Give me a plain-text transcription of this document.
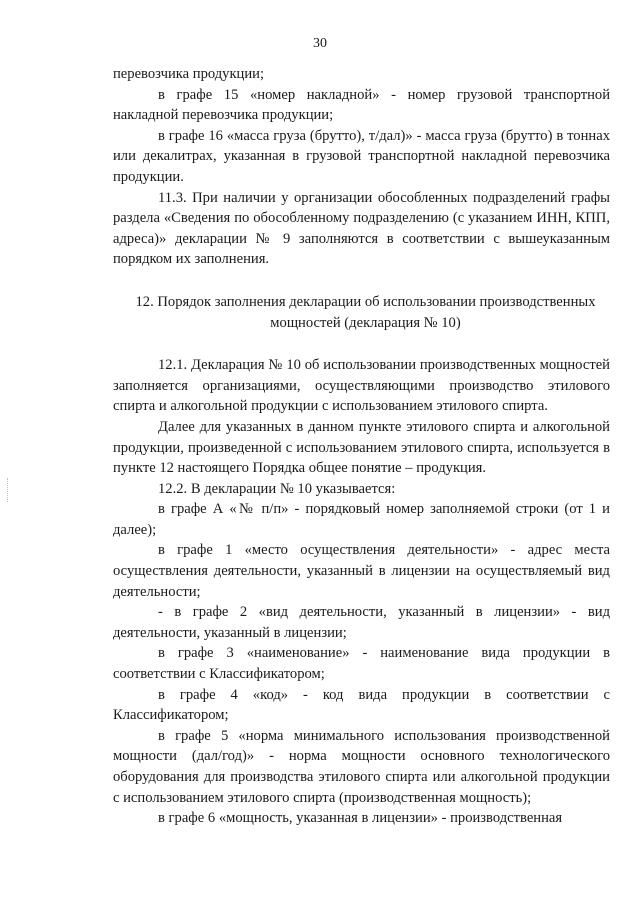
30

перевозчика продукции;

в графе 15 «номер накладной» - номер грузовой транспортной накладной перевозчика продукции;

в графе 16 «масса груза (брутто), т/дал)» - масса груза (брутто) в тоннах или декалитрах, указанная в грузовой транспортной накладной перевозчика продукции.

11.3. При наличии у организации обособленных подразделений графы раздела «Сведения по обособленному подразделению (с указанием ИНН, КПП, адреса)» декларации № 9 заполняются в соответствии с вышеуказанным порядком их заполнения.

12. Порядок заполнения декларации об использовании производственных мощностей (декларация № 10)

12.1. Декларация № 10 об использовании производственных мощностей заполняется организациями, осуществляющими производство этилового спирта и алкогольной продукции с использованием этилового спирта.

Далее для указанных в данном пункте этилового спирта и алкогольной продукции, произведенной с использованием этилового спирта, используется в пункте 12 настоящего Порядка общее понятие – продукция.

12.2. В декларации № 10 указывается:

в графе А «№ п/п» - порядковый номер заполняемой строки (от 1 и далее);

в графе 1 «место осуществления деятельности» - адрес места осуществления деятельности, указанный в лицензии на осуществляемый вид деятельности;

- в графе 2 «вид деятельности, указанный в лицензии» - вид деятельности, указанный в лицензии;

в графе 3 «наименование» - наименование вида продукции в соответствии с Классификатором;

в графе 4 «код» - код вида продукции в соответствии с Классификатором;

в графе 5 «норма минимального использования производственной мощности (дал/год)» - норма мощности основного технологического оборудования для производства этилового спирта или алкогольной продукции с использованием этилового спирта (производственная мощность);

в графе 6 «мощность, указанная в лицензии» - производственная
